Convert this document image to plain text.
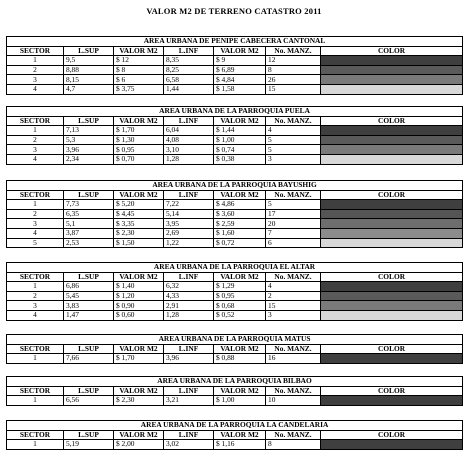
VALOR M2 DE TERRENO CATASTRO 2011
AREA URBANA DE PENIPE CABECERA CANTONAL						
SECTOR	L.SUP	VALOR M2	L.INF	VALOR M2	No. MANZ.	COLOR
1	9,5	$ 12	8,35	$ 9	12	

2	8,88	$ 8	8,25	$ 6,89	8	

3	8,15	$ 6	6,58	$ 4,84	26	

4	4,7	$ 3,75	1,44	$ 1,58	15	
AREA URBANA DE LA PARROQUIA PUELA						
SECTOR	L.SUP	VALOR M2	L.INF	VALOR M2	No. MANZ.	COLOR
1	7,13	$ 1,70	6,04	$ 1,44	4	

2	5,3	$ 1,30	4,08	$ 1,00	5	

3	3,96	$ 0,95	3,10	$ 0,74	5	

4	2,34	$ 0,70	1,28	$ 0,38	3	
AREA URBANA DE LA PARROQUIA BAYUSHIG						
SECTOR	L.SUP	VALOR M2	L.INF	VALOR M2	No. MANZ.	COLOR
1	7,73	$ 5,20	7,22	$ 4,86	5	

2	6,35	$ 4,45	5,14	$ 3,60	17	

3	5,1	$ 3,35	3,95	$ 2,59	20	

4	3,87	$ 2,30	2,69	$ 1,60	7	

5	2,53	$ 1,50	1,22	$ 0,72	6	
AREA URBANA DE LA PARROQUIA EL ALTAR						
SECTOR	L.SUP	VALOR M2	L.INF	VALOR M2	No. MANZ.	COLOR
1	6,86	$ 1,40	6,32	$ 1,29	4	

2	5,45	$ 1,20	4,33	$ 0,95	2	

3	3,83	$ 0,90	2,91	$ 0,68	15	

4	1,47	$ 0,60	1,28	$ 0,52	3	
AREA URBANA DE LA PARROQUIA MATUS						
SECTOR	L.SUP	VALOR M2	L.INF	VALOR M2	No. MANZ.	COLOR
1	7,66	$ 1,70	3,96	$ 0,88	16	
AREA URBANA DE LA PARROQUIA BILBAO						
SECTOR	L.SUP	VALOR M2	L.INF	VALOR M2	No. MANZ.	COLOR
1	6,56	$ 2,30	3,21	$ 1,00	10	
AREA URBANA DE LA PARROQUIA LA CANDELARIA						
SECTOR	L.SUP	VALOR M2	L.INF	VALOR M2	No. MANZ.	COLOR
1	5,19	$ 2,00	3,02	$ 1,16	8	
